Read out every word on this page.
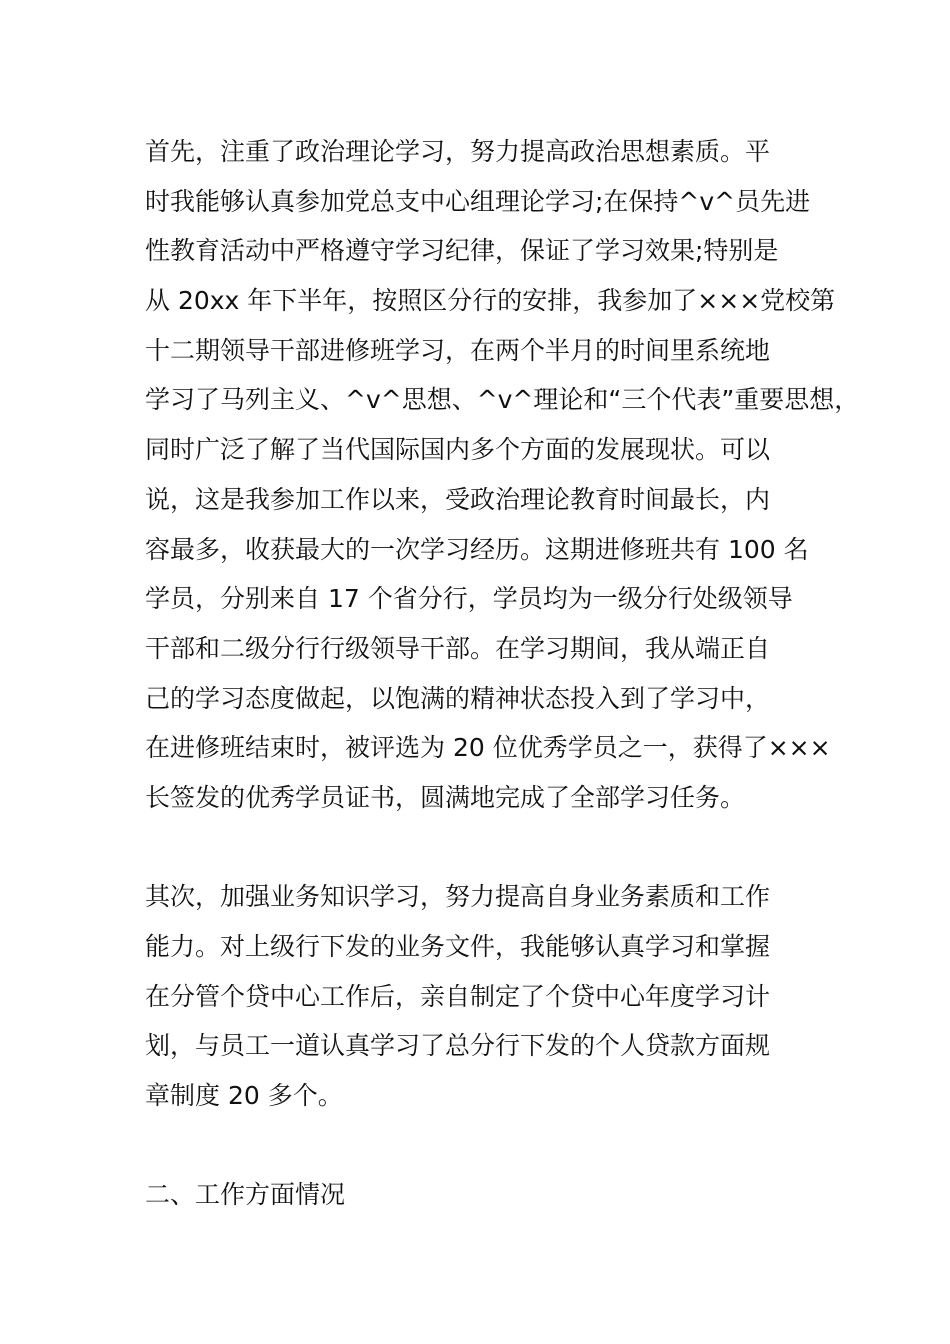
首先，注重了政治理论学习，努力提高政治思想素质。平
时我能够认真参加党总支中心组理论学习;在保持^v^员先进
性教育活动中严格遵守学习纪律，保证了学习效果;特别是
从 20xx 年下半年，按照区分行的安排，我参加了×××党校第
十二期领导干部进修班学习，在两个半月的时间里系统地
学习了马列主义、^v^思想、^v^理论和“三个代表”重要思想，
同时广泛了解了当代国际国内多个方面的发展现状。可以
说，这是我参加工作以来，受政治理论教育时间最长，内
容最多，收获最大的一次学习经历。这期进修班共有 100 名
学员，分别来自 17 个省分行，学员均为一级分行处级领导
干部和二级分行行级领导干部。在学习期间，我从端正自
己的学习态度做起，以饱满的精神状态投入到了学习中，
在进修班结束时，被评选为 20 位优秀学员之一，获得了×××
长签发的优秀学员证书，圆满地完成了全部学习任务。
其次，加强业务知识学习，努力提高自身业务素质和工作
能力。对上级行下发的业务文件，我能够认真学习和掌握
在分管个贷中心工作后，亲自制定了个贷中心年度学习计
划，与员工一道认真学习了总分行下发的个人贷款方面规
章制度 20 多个。
二、工作方面情况
